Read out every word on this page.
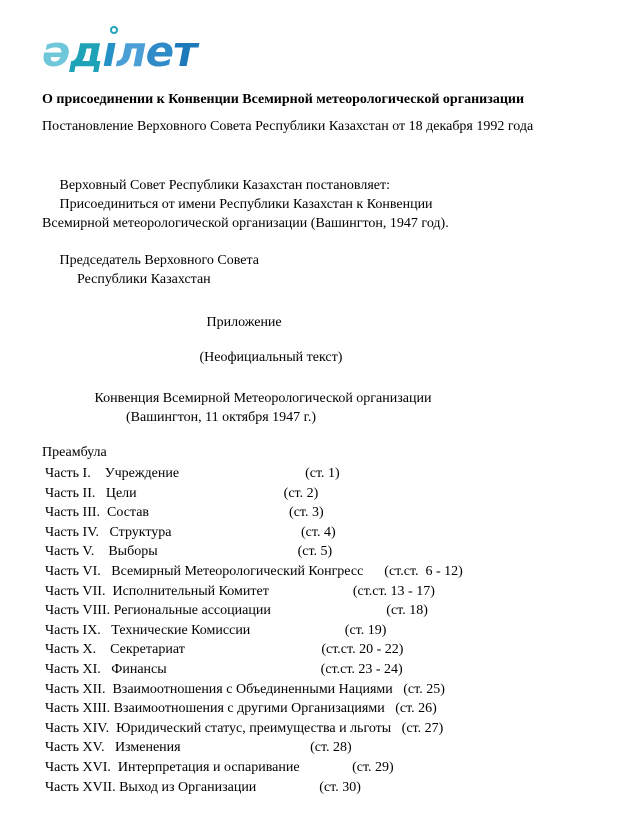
әдı
лет
О присоединении к Конвенции Всемирной метеорологической организации
Постановление Верховного Совета Республики Казахстан от 18 декабря 1992 года
Верховный Совет Республики Казахстан постановляет:
Присоединиться от имени Республики Казахстан к Конвенции
Всемирной метеорологической организации (Вашингтон, 1947 год).
Председатель Верховного Совета
Республики Казахстан
Приложение
(Неофициальный текст)
Конвенция Всемирной Метеорологической организации
(Вашингтон, 11 октября 1947 г.)
Преамбула
Часть I.    Учреждение                                    (ст. 1)
Часть II.   Цели                                          (ст. 2)
Часть III.  Состав                                        (ст. 3)
Часть IV.   Структура                                     (ст. 4)
Часть V.    Выборы                                        (ст. 5)
Часть VI.   Всемирный Метеорологический Конгресс      (ст.ст.  6 - 12)
Часть VII.  Исполнительный Комитет                        (ст.ст. 13 - 17)
Часть VIII. Региональные ассоциации                                 (ст. 18)
Часть IX.   Технические Комиссии                           (ст. 19)
Часть X.    Секретариат                                       (ст.ст. 20 - 22)
Часть XI.   Финансы                                            (ст.ст. 23 - 24)
Часть XII.  Взаимоотношения с Объединенными Нациями   (ст. 25)
Часть XIII. Взаимоотношения с другими Организациями   (ст. 26)
Часть XIV.  Юридический статус, преимущества и льготы   (ст. 27)
Часть XV.   Изменения                                     (ст. 28)
Часть XVI.  Интерпретация и оспаривание               (ст. 29)
Часть XVII. Выход из Организации                  (ст. 30)
